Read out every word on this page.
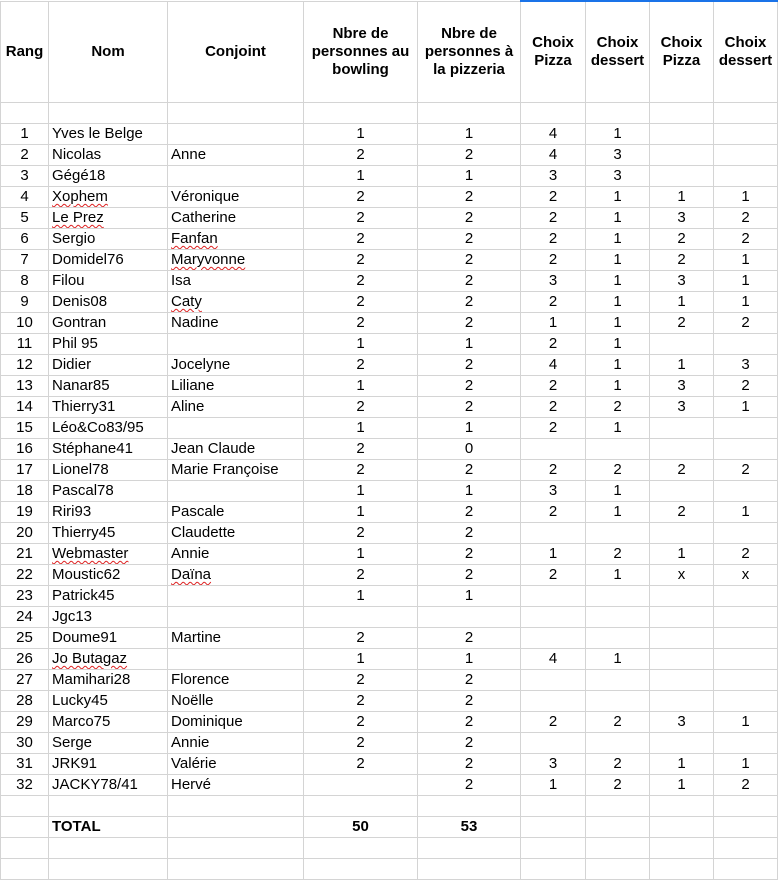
Rang	Nom	Conjoint	Nbre de personnes au bowling	Nbre de personnes à la pizzeria	Choix Pizza	Choix dessert	Choix Pizza	Choix dessert

1	Yves le Belge		1	1	4	1		
2	Nicolas	Anne	2	2	4	3		
3	Gégé18		1	1	3	3		
4	Xophem	Véronique	2	2	2	1	1	1
5	Le Prez	Catherine	2	2	2	1	3	2
6	Sergio	Fanfan	2	2	2	1	2	2
7	Domidel76	Maryvonne	2	2	2	1	2	1
8	Filou	Isa	2	2	3	1	3	1
9	Denis08	Caty	2	2	2	1	1	1
10	Gontran	Nadine	2	2	1	1	2	2
11	Phil 95		1	1	2	1		
12	Didier	Jocelyne	2	2	4	1	1	3
13	Nanar85	Liliane	1	2	2	1	3	2
14	Thierry31	Aline	2	2	2	2	3	1
15	Léo&Co83/95		1	1	2	1		
16	Stéphane41	Jean Claude	2	0				
17	Lionel78	Marie Françoise	2	2	2	2	2	2
18	Pascal78		1	1	3	1		
19	Riri93	Pascale	1	2	2	1	2	1
20	Thierry45	Claudette	2	2				
21	Webmaster	Annie	1	2	1	2	1	2
22	Moustic62	Daïna	2	2	2	1	x	x
23	Patrick45		1	1				
24	Jgc13							
25	Doume91	Martine	2	2				
26	Jo Butagaz		1	1	4	1		
27	Mamihari28	Florence	2	2				
28	Lucky45	Noëlle	2	2				
29	Marco75	Dominique	2	2	2	2	3	1
30	Serge	Annie	2	2				
31	JRK91	Valérie	2	2	3	2	1	1
32	JACKY78/41	Hervé		2	1	2	1	2

	TOTAL		50	53				
